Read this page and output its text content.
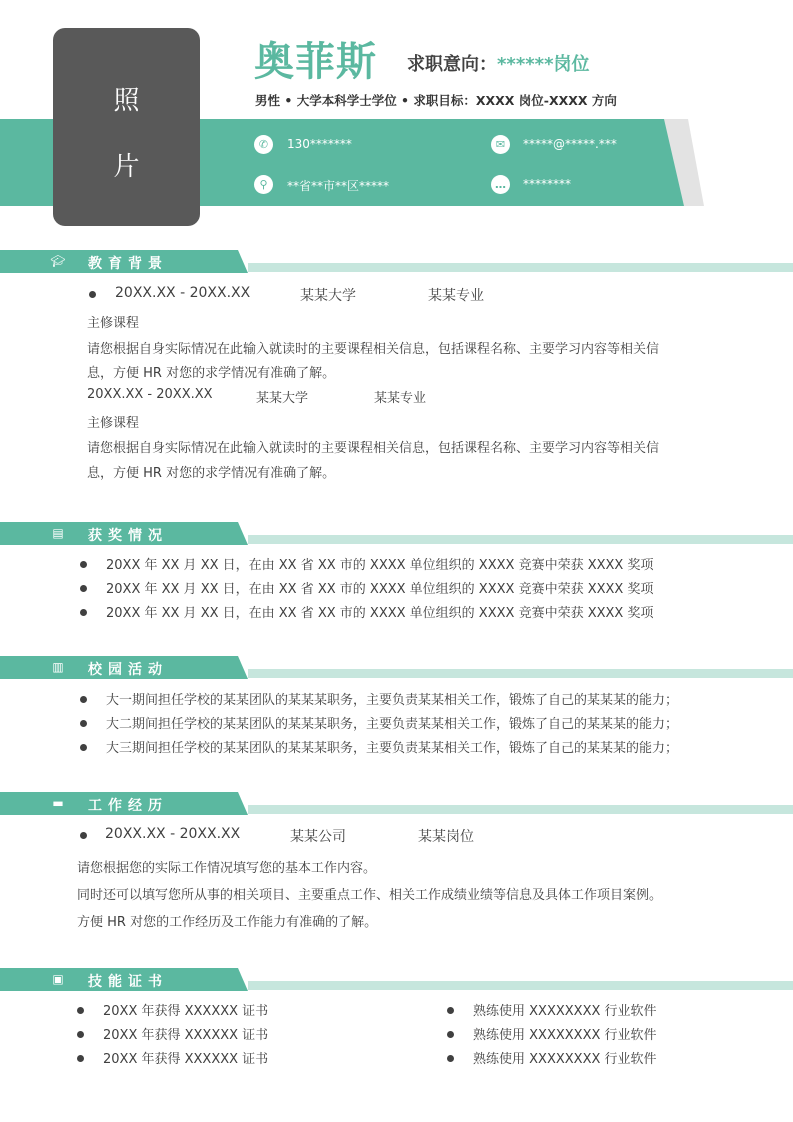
照
片
奥菲斯 求职意向：******岗位
男性 • 大学本科学士学位 • 求职目标：XXXX 岗位-XXXX 方向
✆	130*******	✉	*****@*****.***
⚲	**省**市**区*****	…	********
🎓︎ 教育背景
20XX.XX - 20XX.XX	某某大学	某某专业
主修课程
请您根据自身实际情况在此输入就读时的主要课程相关信息，包括课程名称、主要学习内容等相关信
息，方便 HR 对您的求学情况有准确了解。
20XX.XX - 20XX.XX	某某大学	某某专业
主修课程
请您根据自身实际情况在此输入就读时的主要课程相关信息，包括课程名称、主要学习内容等相关信
息，方便 HR 对您的求学情况有准确了解。
▤ 获奖情况
20XX 年 XX 月 XX 日，在由 XX 省 XX 市的 XXXX 单位组织的 XXXX 竞赛中荣获 XXXX 奖项
20XX 年 XX 月 XX 日，在由 XX 省 XX 市的 XXXX 单位组织的 XXXX 竞赛中荣获 XXXX 奖项
20XX 年 XX 月 XX 日，在由 XX 省 XX 市的 XXXX 单位组织的 XXXX 竞赛中荣获 XXXX 奖项
▥ 校园活动
大一期间担任学校的某某团队的某某某职务，主要负责某某相关工作，锻炼了自己的某某某的能力；
大二期间担任学校的某某团队的某某某职务，主要负责某某相关工作，锻炼了自己的某某某的能力；
大三期间担任学校的某某团队的某某某职务，主要负责某某相关工作，锻炼了自己的某某某的能力；
▬ 工作经历
20XX.XX - 20XX.XX	某某公司	某某岗位
请您根据您的实际工作情况填写您的基本工作内容。
同时还可以填写您所从事的相关项目、主要重点工作、相关工作成绩业绩等信息及具体工作项目案例。
方便 HR 对您的工作经历及工作能力有准确的了解。
▣ 技能证书
20XX 年获得 XXXXXX 证书
20XX 年获得 XXXXXX 证书
20XX 年获得 XXXXXX 证书
熟练使用 XXXXXXXX 行业软件
熟练使用 XXXXXXXX 行业软件
熟练使用 XXXXXXXX 行业软件
